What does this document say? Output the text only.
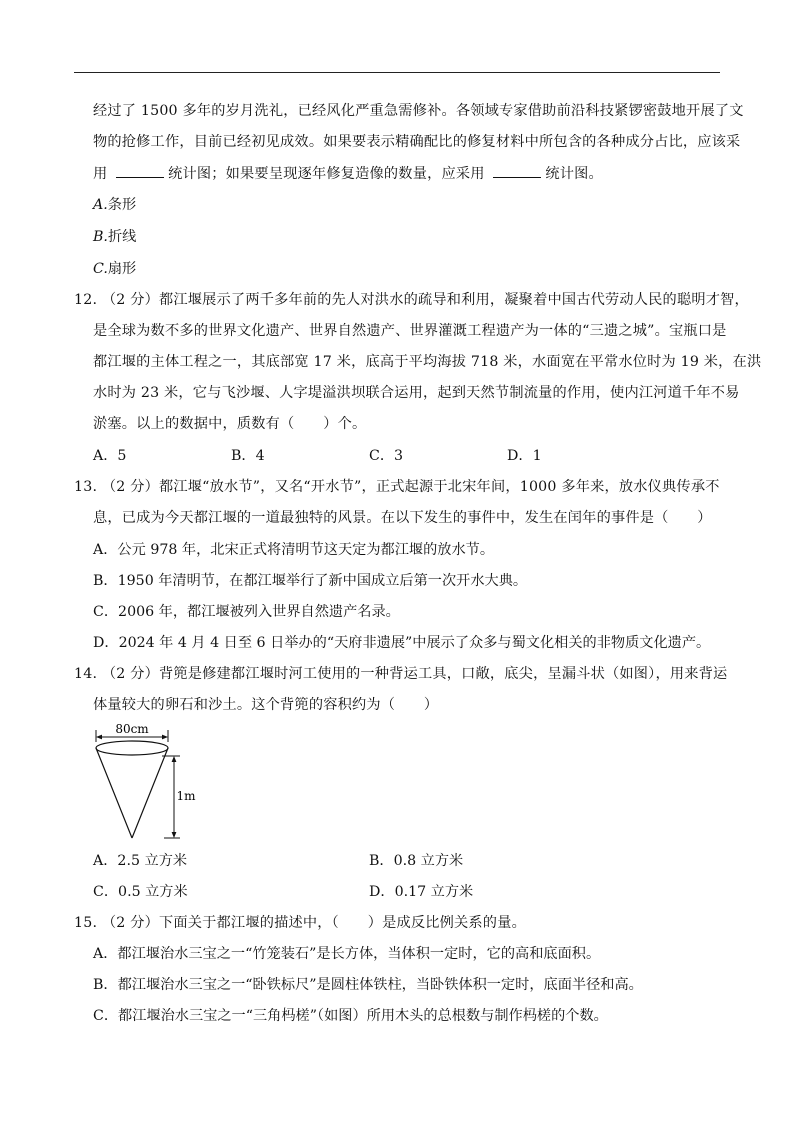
经过了 1500 多年的岁月洗礼，已经风化严重急需修补。各领域专家借助前沿科技紧锣密鼓地开展了文
物的抢修工作，目前已经初见成效。如果要表示精确配比的修复材料中所包含的各种成分占比，应该采
用	统计图；如果要呈现逐年修复造像的数量，应采用	统计图。
A.条形
B.折线
C.扇形
12. （2 分）都江堰展示了两千多年前的先人对洪水的疏导和利用，凝聚着中国古代劳动人民的聪明才智，
是全球为数不多的世界文化遗产、世界自然遗产、世界灌溉工程遗产为一体的“三遗之城”。宝瓶口是
都江堰的主体工程之一，其底部宽 17 米，底高于平均海拔 718 米，水面宽在平常水位时为 19 米，在洪
水时为 23 米，它与飞沙堰、人字堤溢洪坝联合运用，起到天然节制流量的作用，使内江河道千年不易
淤塞。以上的数据中，质数有（　　）个。
A．5	B．4	C．3	D．1
13. （2 分）都江堰“放水节”，又名“开水节”，正式起源于北宋年间，1000 多年来，放水仪典传承不
息，已成为今天都江堰的一道最独特的风景。在以下发生的事件中，发生在闰年的事件是（　　）
A．公元 978 年，北宋正式将清明节这天定为都江堰的放水节。
B．1950 年清明节，在都江堰举行了新中国成立后第一次开水大典。
C．2006 年，都江堰被列入世界自然遗产名录。
D．2024 年 4 月 4 日至 6 日举办的“天府非遗展”中展示了众多与蜀文化相关的非物质文化遗产。
14. （2 分）背篼是修建都江堰时河工使用的一种背运工具，口敞，底尖，呈漏斗状（如图），用来背运
体量较大的卵石和沙土。这个背篼的容积约为（　　）
80cm
1m
A．2.5 立方米	B．0.8 立方米
C．0.5 立方米	D．0.17 立方米
15. （2 分）下面关于都江堰的描述中，（　　）是成反比例关系的量。
A．都江堰治水三宝之一“竹笼装石”是长方体，当体积一定时，它的高和底面积。
B．都江堰治水三宝之一“卧铁标尺”是圆柱体铁柱，当卧铁体积一定时，底面半径和高。
C．都江堰治水三宝之一“三角杩槎”（如图）所用木头的总根数与制作杩槎的个数。
